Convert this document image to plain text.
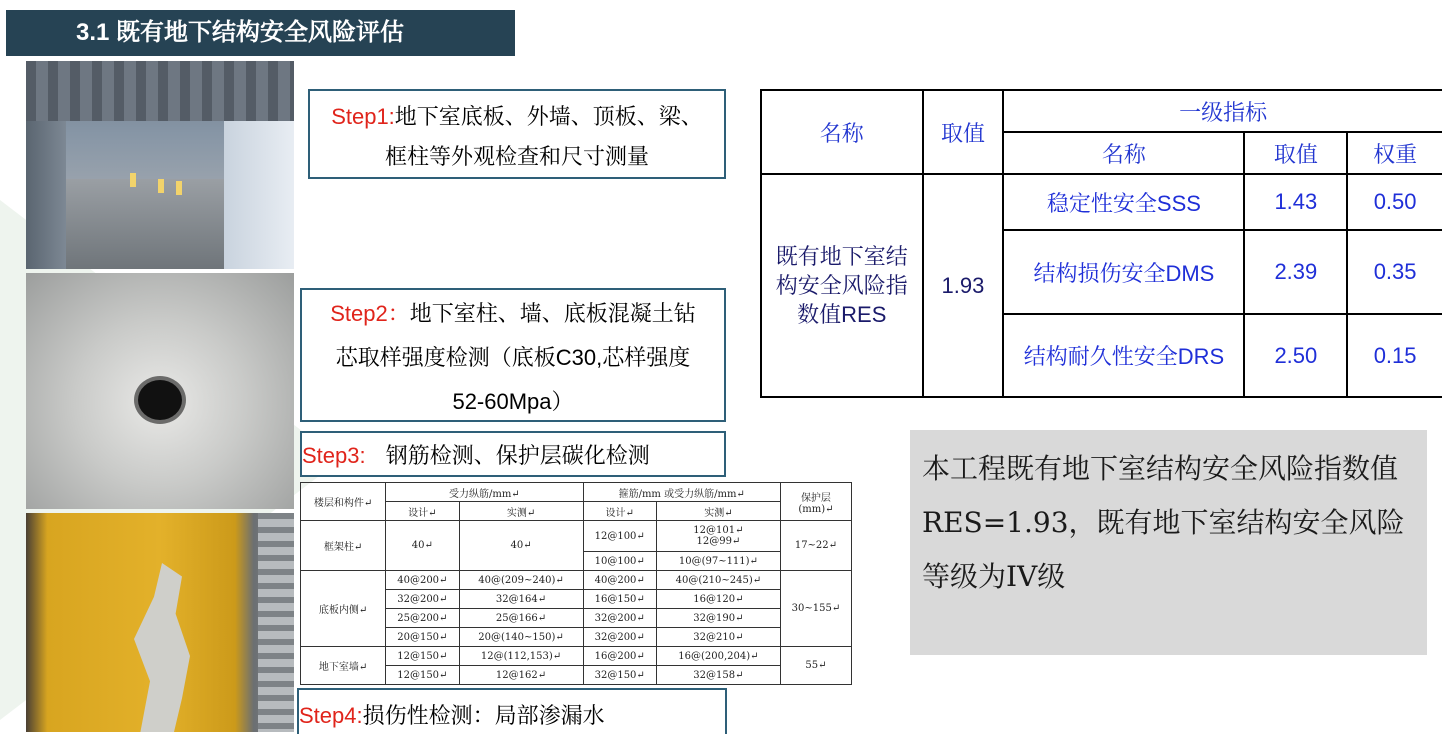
3.1 既有地下结构安全风险评估
Step1:地下室底板、外墙、顶板、梁、
框柱等外观检查和尺寸测量
Step2：地下室柱、墙、底板混凝土钻
芯取样强度检测（底板C30,芯样强度
52-60Mpa）
Step3: 钢筋检测、保护层碳化检测
楼层和构件↵	受力纵筋/mm↵		箍筋/mm 或受力纵筋/mm↵		保护层
(mm)↵
	设计↵	实测↵	设计↵	实测↵	
框架柱↵	40↵	40↵	12@100↵	12@101↵
12@99↵	17~22↵
			10@100↵	10@(97~111)↵	
底板内侧↵	40@200↵	40@(209~240)↵	40@200↵	40@(210~245)↵	30~155↵
	32@200↵	32@164↵	16@150↵	16@120↵	
	25@200↵	25@166↵	32@200↵	32@190↵	
	20@150↵	20@(140~150)↵	32@200↵	32@210↵	
地下室墙↵	12@150↵	12@(112,153)↵	16@200↵	16@(200,204)↵	55↵
	12@150↵	12@162↵	32@150↵	32@158↵	
Step4:损伤性检测：局部渗漏水
名称	取值	一级指标		
		名称	取值	权重
既有地下室结构安全风险指数值RES	1.93	稳定性安全SSS	1.43	0.50
		结构损伤安全DMS	2.39	0.35
		结构耐久性安全DRS	2.50	0.15
本工程既有地下室结构安全风险指数值RES=1.93，既有地下室结构安全风险等级为IV级
